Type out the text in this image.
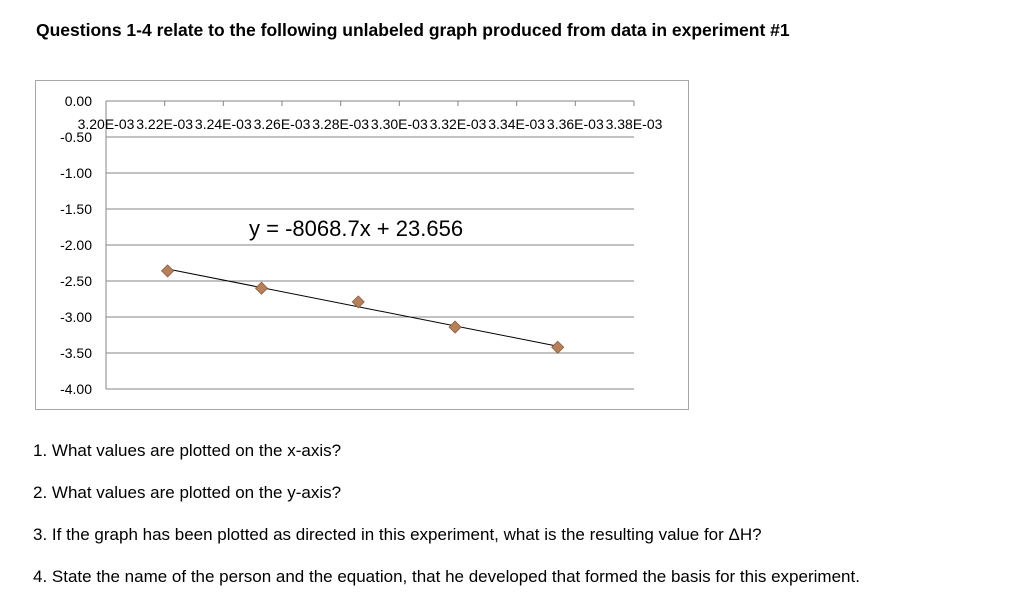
Questions 1-4 relate to the following unlabeled graph produced from data in experiment #1
0.00
-0.50
-1.00
-1.50
-2.00
-2.50
-3.00
-3.50
-4.00
3.20E-03 3.22E-03 3.24E-03 3.26E-03 3.28E-03 3.30E-03 3.32E-03 3.34E-03 3.36E-03 3.38E-03
y = -8068.7x + 23.656
1. What values are plotted on the x-axis?
2. What values are plotted on the y-axis?
3. If the graph has been plotted as directed in this experiment, what is the resulting value for ΔH?
4. State the name of the person and the equation, that he developed that formed the basis for this experiment.
